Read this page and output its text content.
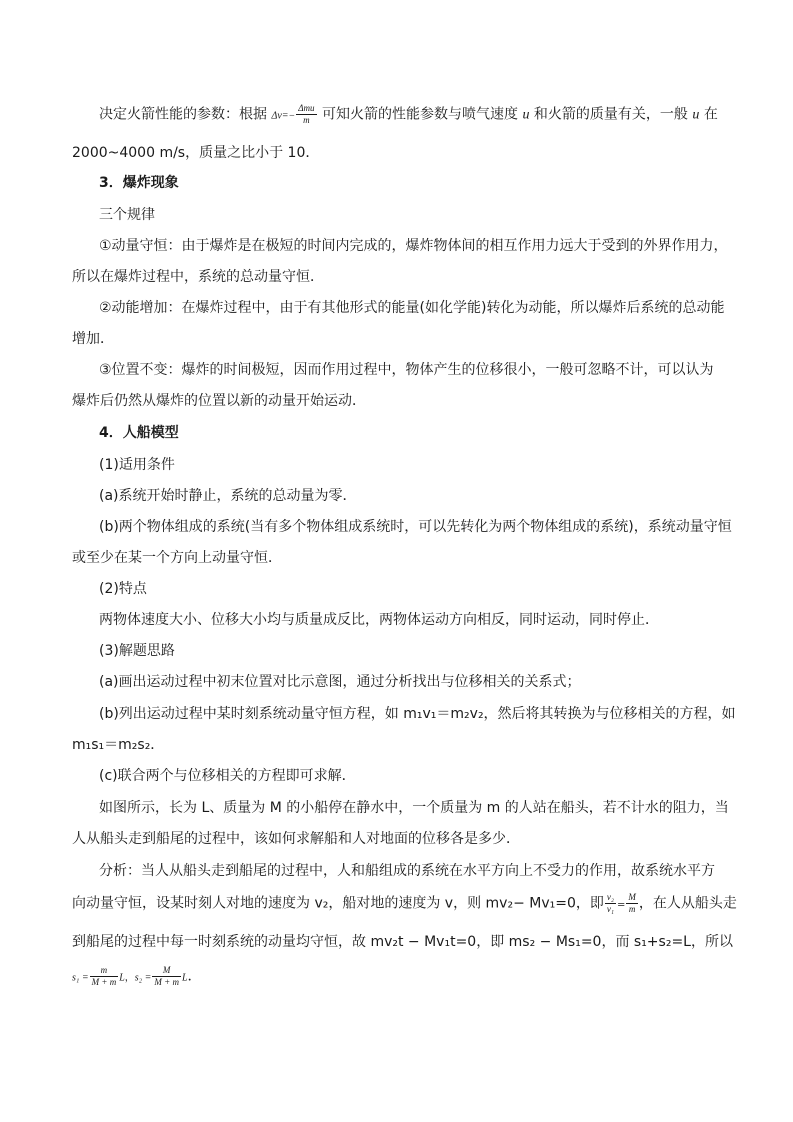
决定火箭性能的参数：根据 $\Delta v=- \frac{\text{Δmu}}{m}$ 可知火箭的性能参数与喷气速度 u 和火箭的质量有关，一般 u 在
2000~4000 m/s，质量之比小于 10．
3．爆炸现象
三个规律
①动量守恒：由于爆炸是在极短的时间内完成的，爆炸物体间的相互作用力远大于受到的外界作用力，
所以在爆炸过程中，系统的总动量守恒．
②动能增加：在爆炸过程中，由于有其他形式的能量(如化学能)转化为动能，所以爆炸后系统的总动能
增加．
③位置不变：爆炸的时间极短，因而作用过程中，物体产生的位移很小，一般可忽略不计，可以认为
爆炸后仍然从爆炸的位置以新的动量开始运动．
4．人船模型
(1)适用条件
(a)系统开始时静止，系统的总动量为零．
(b)两个物体组成的系统(当有多个物体组成系统时，可以先转化为两个物体组成的系统)，系统动量守恒
或至少在某一个方向上动量守恒．
(2)特点
两物体速度大小、位移大小均与质量成反比，两物体运动方向相反，同时运动，同时停止．
(3)解题思路
(a)画出运动过程中初末位置对比示意图，通过分析找出与位移相关的关系式；
(b)列出运动过程中某时刻系统动量守恒方程，如 m₁v₁＝m₂v₂，然后将其转换为与位移相关的方程，如
m₁s₁＝m₂s₂．
(c)联合两个与位移相关的方程即可求解．
如图所示，长为 L、质量为 M 的小船停在静水中，一个质量为 m 的人站在船头，若不计水的阻力，当
人从船头走到船尾的过程中，该如何求解船和人对地面的位移各是多少．
分析：当人从船头走到船尾的过程中，人和船组成的系统在水平方向上不受力的作用，故系统水平方
向动量守恒，设某时刻人对地的速度为 v₂，船对地的速度为 v，则 mv₂− Mv₁=0，即 $\frac{\text{v₂}}{\text{v₁}} = \frac{M}{m}$ ，在人从船头走
到船尾的过程中每一时刻系统的动量均守恒，故 mv₂t − Mv₁t=0，即 ms₂ − Ms₁=0，而 s₁+s₂=L，所以
$s_1 = \frac{m}{M + m}$ L，$s_2 = \frac{M}{M + m}$ L．
